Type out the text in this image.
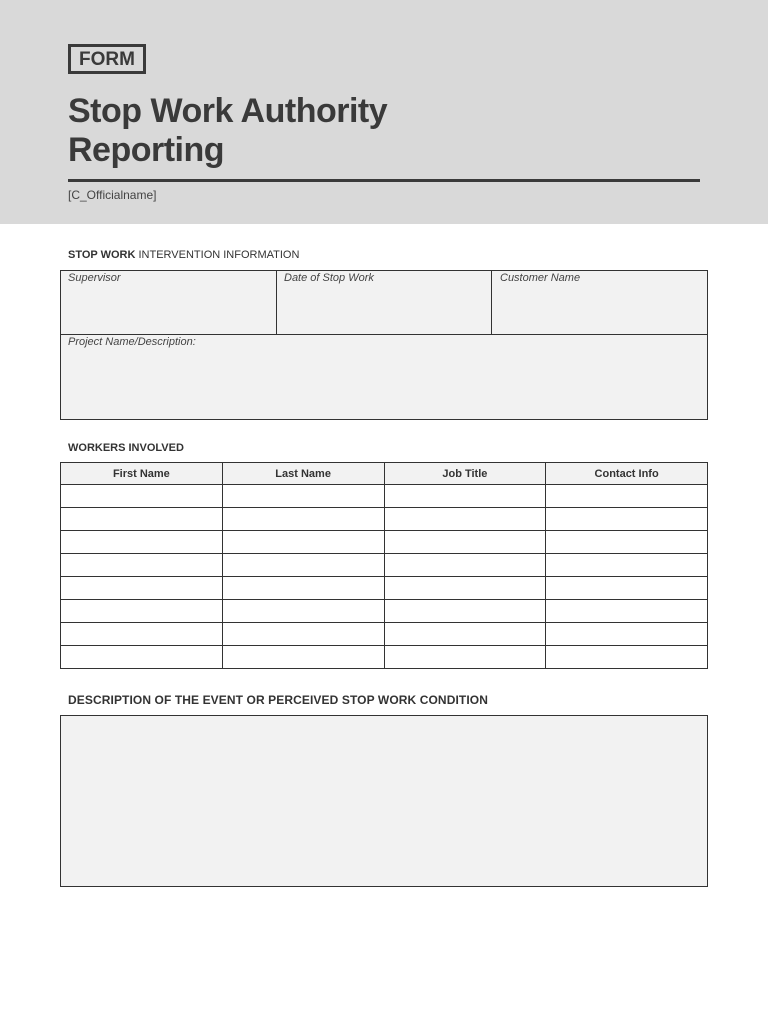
FORM
Stop Work Authority
Reporting
[C_Officialname]
STOP WORK INTERVENTION INFORMATION
Supervisor	Date of Stop Work	Customer Name
Project Name/Description:
WORKERS INVOLVED
First Name	Last Name	Job Title	Contact Info

DESCRIPTION OF THE EVENT OR PERCEIVED STOP WORK CONDITION
